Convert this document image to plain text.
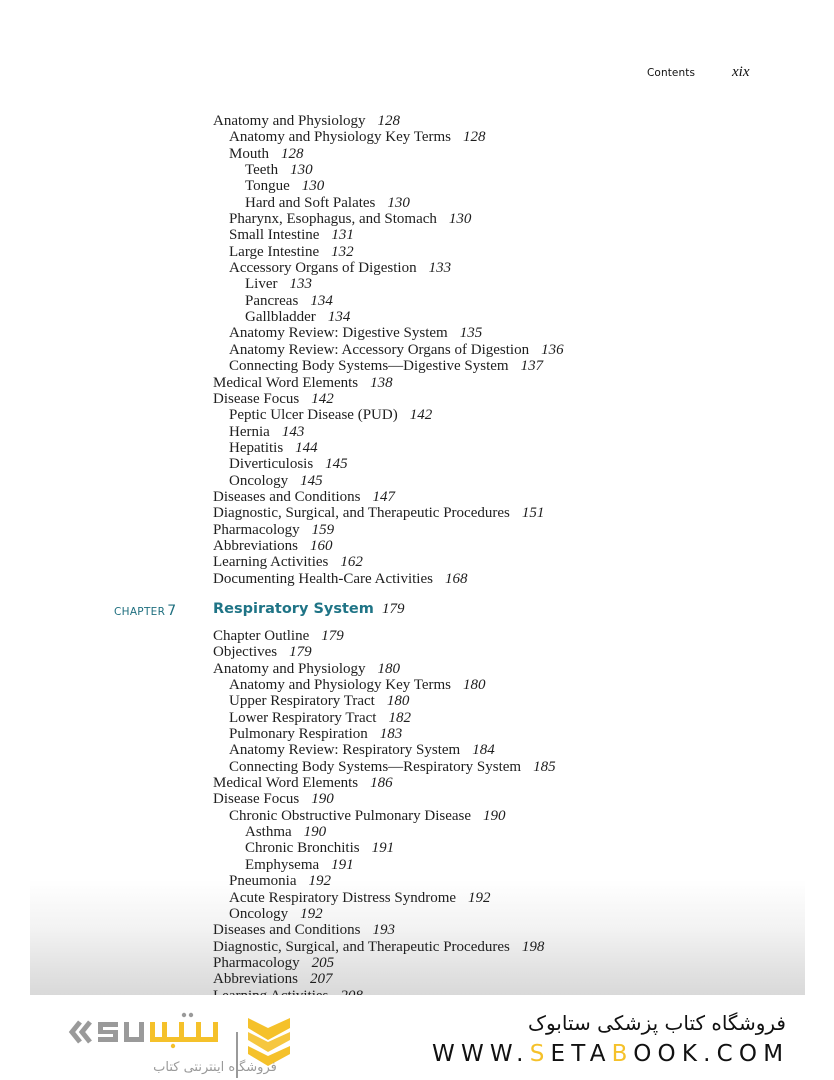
Contents xix
Anatomy and Physiology 128
Anatomy and Physiology Key Terms 128
Mouth 128
Teeth 130
Tongue 130
Hard and Soft Palates 130
Pharynx, Esophagus, and Stomach 130
Small Intestine 131
Large Intestine 132
Accessory Organs of Digestion 133
Liver 133
Pancreas 134
Gallbladder 134
Anatomy Review: Digestive System 135
Anatomy Review: Accessory Organs of Digestion 136
Connecting Body Systems—Digestive System 137
Medical Word Elements 138
Disease Focus 142
Peptic Ulcer Disease (PUD) 142
Hernia 143
Hepatitis 144
Diverticulosis 145
Oncology 145
Diseases and Conditions 147
Diagnostic, Surgical, and Therapeutic Procedures 151
Pharmacology 159
Abbreviations 160
Learning Activities 162
Documenting Health-Care Activities 168
CHAPTER 7	Respiratory System 179
Chapter Outline 179
Objectives 179
Anatomy and Physiology 180
Anatomy and Physiology Key Terms 180
Upper Respiratory Tract 180
Lower Respiratory Tract 182
Pulmonary Respiration 183
Anatomy Review: Respiratory System 184
Connecting Body Systems—Respiratory System 185
Medical Word Elements 186
Disease Focus 190
Chronic Obstructive Pulmonary Disease 190
Asthma 190
Chronic Bronchitis 191
Emphysema 191
Pneumonia 192
Acute Respiratory Distress Syndrome 192
Oncology 192
Diseases and Conditions 193
Diagnostic, Surgical, and Therapeutic Procedures 198
Pharmacology 205
Abbreviations 207
فروشگاه اینترنتی کتاب
فروشگاه کتاب پزشکی ستابوک
WWW.SETABOOK.COM
